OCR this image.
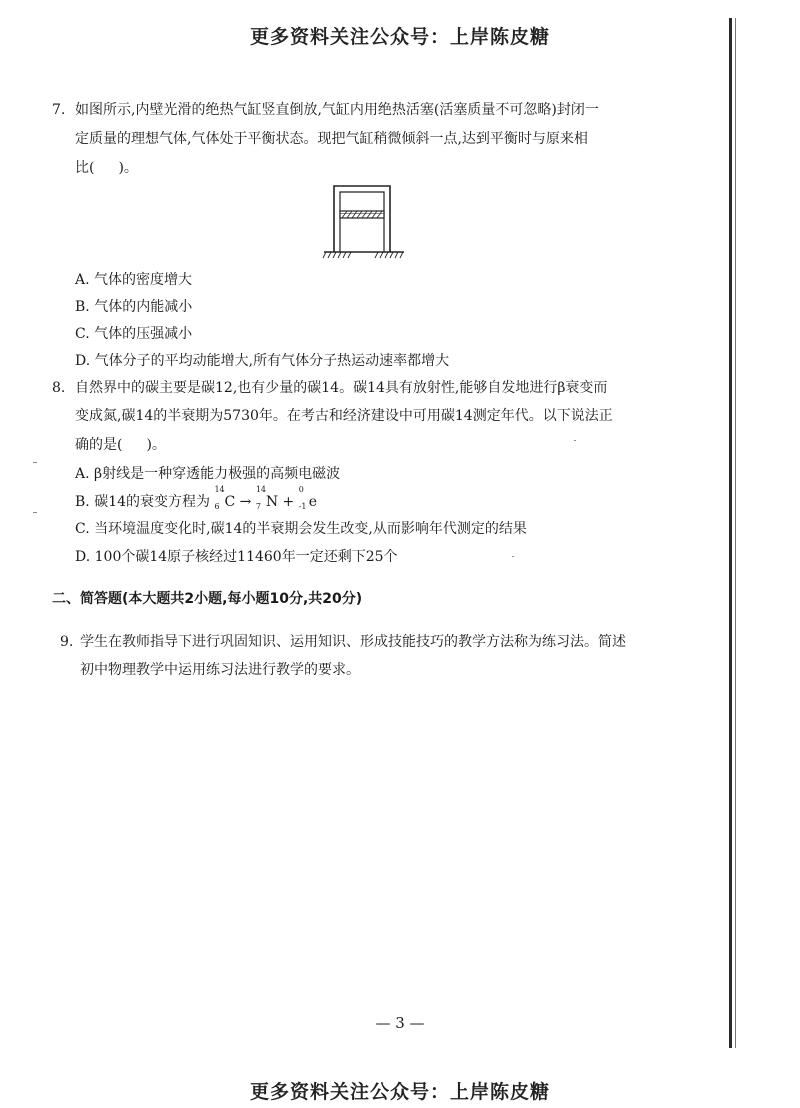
更多资料关注公众号：上岸陈皮糖
7. 如图所示,内壁光滑的绝热气缸竖直倒放,气缸内用绝热活塞(活塞质量不可忽略)封闭一
定质量的理想气体,气体处于平衡状态。现把气缸稍微倾斜一点,达到平衡时与原来相
比( )。
A. 气体的密度增大
B. 气体的内能减小
C. 气体的压强减小
D. 气体分子的平均动能增大,所有气体分子热运动速率都增大
8. 自然界中的碳主要是碳12,也有少量的碳14。碳14具有放射性,能够自发地进行β衰变而
变成氮,碳14的半衰期为5730年。在考古和经济建设中可用碳14测定年代。以下说法正
确的是( )。
A. β射线是一种穿透能力极强的高频电磁波
B. 碳14的衰变方程为
14
6 C →
14
7 N +
0
-1 e
C. 当环境温度变化时,碳14的半衰期会发生改变,从而影响年代测定的结果
D. 100个碳14原子核经过11460年一定还剩下25个
二、简答题(本大题共2小题,每小题10分,共20分)
9. 学生在教师指导下进行巩固知识、运用知识、形成技能技巧的教学方法称为练习法。简述
初中物理教学中运用练习法进行教学的要求。
— 3 —
更多资料关注公众号：上岸陈皮糖
